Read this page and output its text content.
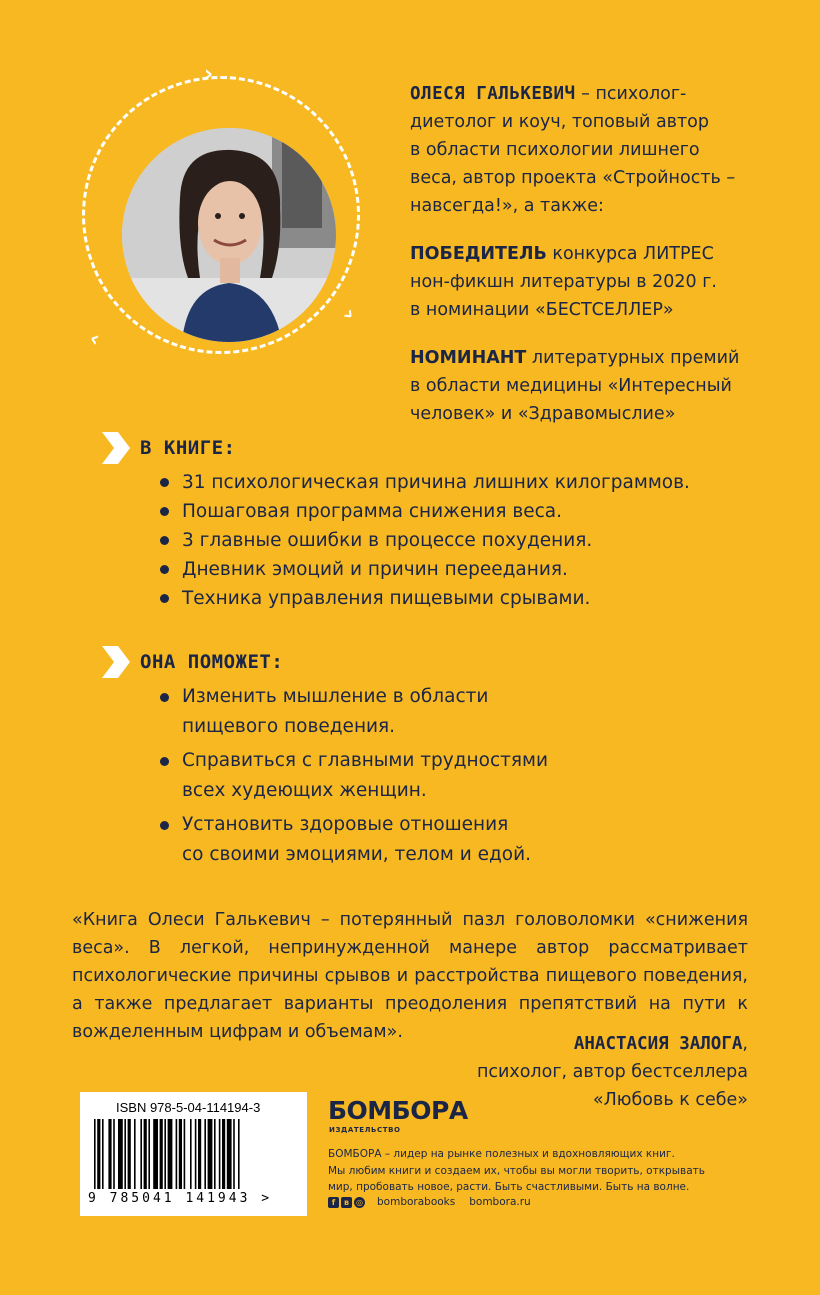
›
›
›

ОЛЕСЯ ГАЛЬКЕВИЧ – психолог-
диетолог и коуч, топовый автор
в области психологии лишнего
веса, автор проекта «Стройность –
навсегда!», а также:

ПОБЕДИТЕЛЬ конкурса ЛИТРЕС
нон-фикшн литературы в 2020 г.
в номинации «БЕСТСЕЛЛЕР»

НОМИНАНТ литературных премий
в области медицины «Интересный
человек» и «Здравомыслие»

В КНИГЕ:
31 психологическая причина лишних килограммов.
Пошаговая программа снижения веса.
3 главные ошибки в процессе похудения.
Дневник эмоций и причин переедания.
Техника управления пищевыми срывами.
ОНА ПОМОЖЕТ:
Изменить мышление в области
пищевого поведения.
Справиться с главными трудностями
всех худеющих женщин.
Установить здоровые отношения
со своими эмоциями, телом и едой.

«Книга Олеси Галькевич – потерянный пазл головоломки «снижения веса». В легкой, непринужденной манере автор рассматривает психологические причины срывов и расстройства пищевого поведения, а также предлагает варианты преодоления препятствий на пути к вожделенным цифрам и объемам».

АНАСТАСИЯ ЗАЛОГА,
психолог, автор бестселлера
«Любовь к себе»
ISBN 978-5-04-114194-3
9 785041 141943 >
БОМБОРА
ИЗДАТЕЛЬСТВО

БОМБОРА – лидер на рынке полезных и вдохновляющих книг.
Мы любим книги и создаем их, чтобы вы могли творить, открывать
мир, пробовать новое, расти. Быть счастливыми. Быть на волне.

f	в ◎ bomborabooks bombora.ru
